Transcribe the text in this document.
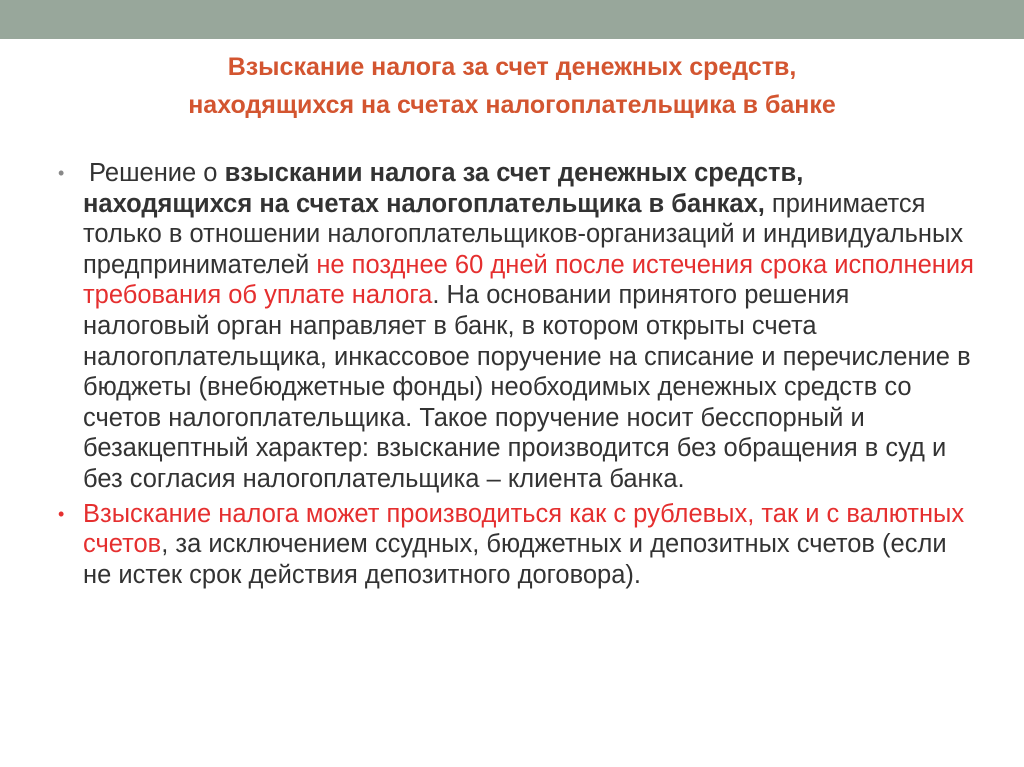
Взыскание налога за счет денежных средств,
находящихся на счетах налогоплательщика в банке
• Решение о взыскании налога за счет денежных средств, находящихся на счетах налогоплательщика в банках, принимается только в отношении налогоплательщиков-организаций и индивидуальных предпринимателей не позднее 60 дней после истечения срока исполнения требования об уплате налога. На основании принятого решения налоговый орган направляет в банк, в котором открыты счета налогоплательщика, инкассовое поручение на списание и перечисление в бюджеты (внебюджетные фонды) необходимых денежных средств со счетов налогоплательщика. Такое поручение носит бесспорный и безакцептный характер: взыскание производится без обращения в суд и без согласия налогоплательщика – клиента банка.
• Взыскание налога может производиться как с рублевых, так и с валютных счетов, за исключением ссудных, бюджетных и депозитных счетов (если не истек срок действия депозитного договора).
